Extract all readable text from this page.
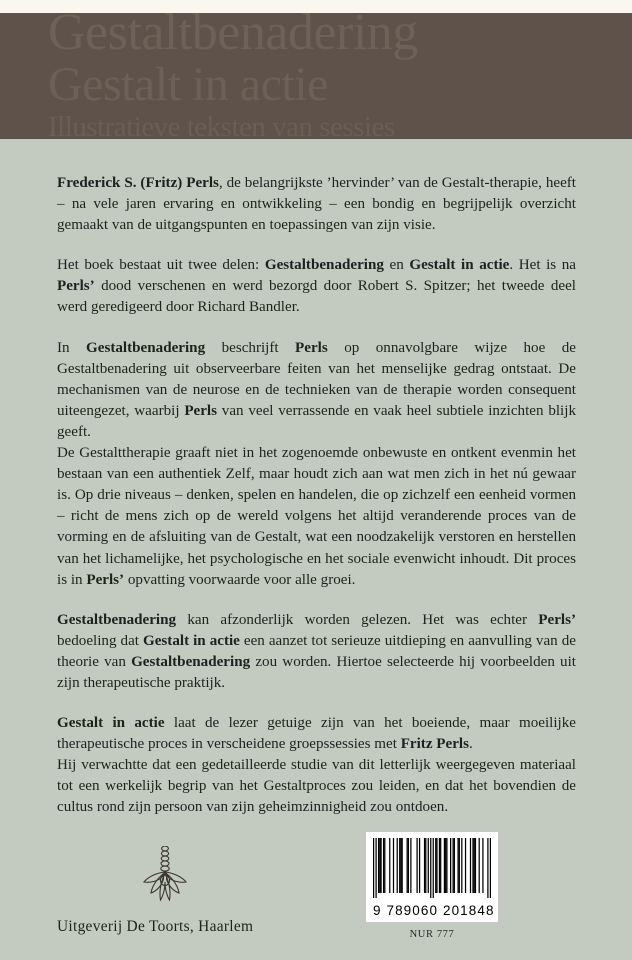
Gestaltbenadering
Gestalt in actie
Illustratieve teksten van sessies

Frederick S. (Fritz) Perls, de belangrijkste ’hervinder’ van de Gestalt-therapie, heeft – na vele jaren ervaring en ontwikkeling – een bondig en begrijpelijk overzicht gemaakt van de uitgangspunten en toepassingen van zijn visie.

Het boek bestaat uit twee delen: Gestaltbenadering en Gestalt in actie. Het is na Perls’ dood verschenen en werd bezorgd door Robert S. Spitzer; het tweede deel werd geredigeerd door Richard Bandler.

In Gestaltbenadering beschrijft Perls op onnavolgbare wijze hoe de Gestaltbenadering uit observeerbare feiten van het menselijke gedrag ontstaat. De mechanismen van de neurose en de technieken van de therapie worden consequent uiteengezet, waarbij Perls van veel verrassende en vaak heel subtiele inzichten blijk geeft.
De Gestalttherapie graaft niet in het zogenoemde onbewuste en ontkent evenmin het bestaan van een authentiek Zelf, maar houdt zich aan wat men zich in het nú gewaar is. Op drie niveaus – denken, spelen en handelen, die op zichzelf een eenheid vormen – richt de mens zich op de wereld volgens het altijd veranderende proces van de vorming en de afsluiting van de Gestalt, wat een noodzakelijk verstoren en herstellen van het lichamelijke, het psychologische en het sociale evenwicht inhoudt. Dit proces is in Perls’ opvatting voorwaarde voor alle groei.

Gestaltbenadering kan afzonderlijk worden gelezen. Het was echter Perls’ bedoeling dat Gestalt in actie een aanzet tot serieuze uitdieping en aanvulling van de theorie van Gestaltbenadering zou worden. Hiertoe selecteerde hij voorbeelden uit zijn therapeutische praktijk.

Gestalt in actie laat de lezer getuige zijn van het boeiende, maar moeilijke therapeutische proces in verscheidene groepssessies met Fritz Perls.
Hij verwachtte dat een gedetailleerde studie van dit letterlijk weergegeven materiaal tot een werkelijk begrip van het Gestaltproces zou leiden, en dat het bovendien de cultus rond zijn persoon van zijn geheimzinnigheid zou ontdoen.

Uitgeverij De Toorts, Haarlem
9 789060 201848
NUR 777
